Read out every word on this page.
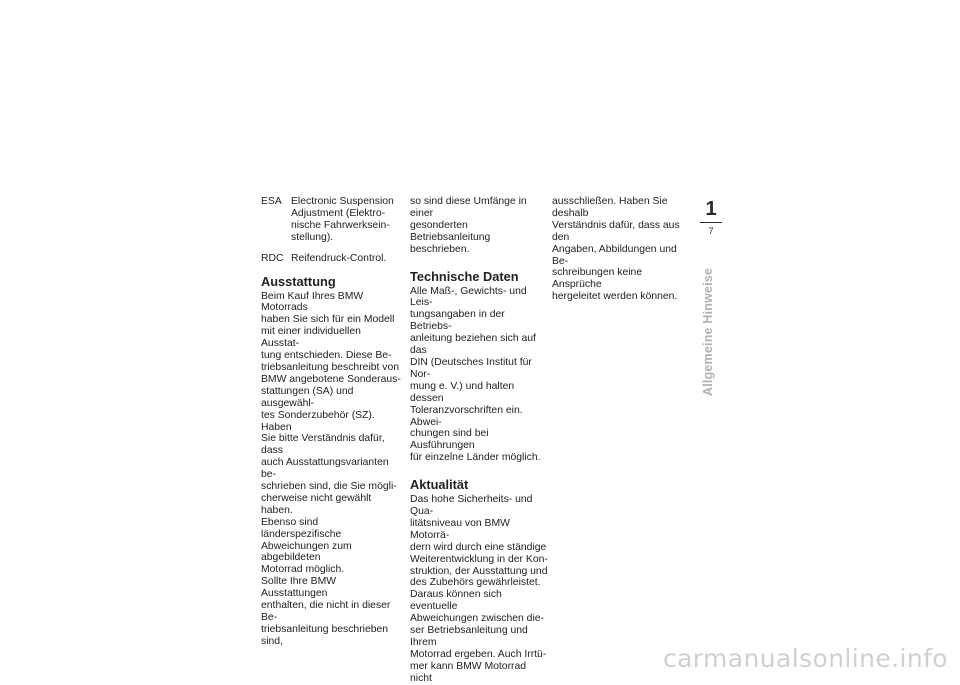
ESA Electronic Suspension
Adjustment (Elektro-
nische Fahrwerksein-
stellung).
RDC Reifendruck-Control.
Ausstattung

Beim Kauf Ihres BMW Motorrads
haben Sie sich für ein Modell
mit einer individuellen Ausstat-
tung entschieden. Diese Be-
triebsanleitung beschreibt von
BMW angebotene Sonderaus-
stattungen (SA) und ausgewähl-
tes Sonderzubehör (SZ). Haben
Sie bitte Verständnis dafür, dass
auch Ausstattungsvarianten be-
schrieben sind, die Sie mögli-
cherweise nicht gewählt haben.
Ebenso sind länderspezifische
Abweichungen zum abgebildeten
Motorrad möglich.
Sollte Ihre BMW Ausstattungen
enthalten, die nicht in dieser Be-
triebsanleitung beschrieben sind,

so sind diese Umfänge in einer
gesonderten Betriebsanleitung
beschrieben.

Technische Daten

Alle Maß-, Gewichts- und Leis-
tungsangaben in der Betriebs-
anleitung beziehen sich auf das
DIN (Deutsches Institut für Nor-
mung e. V.) und halten dessen
Toleranzvorschriften ein. Abwei-
chungen sind bei Ausführungen
für einzelne Länder möglich.

Aktualität

Das hohe Sicherheits- und Qua-
litätsniveau von BMW Motorrä-
dern wird durch eine ständige
Weiterentwicklung in der Kon-
struktion, der Ausstattung und
des Zubehörs gewährleistet.
Daraus können sich eventuelle
Abweichungen zwischen die-
ser Betriebsanleitung und Ihrem
Motorrad ergeben. Auch Irrtü-
mer kann BMW Motorrad nicht

ausschließen. Haben Sie deshalb
Verständnis dafür, dass aus den
Angaben, Abbildungen und Be-
schreibungen keine Ansprüche
hergeleitet werden können.

1
7
Allgemeine Hinweise
carmanualsonline.info
